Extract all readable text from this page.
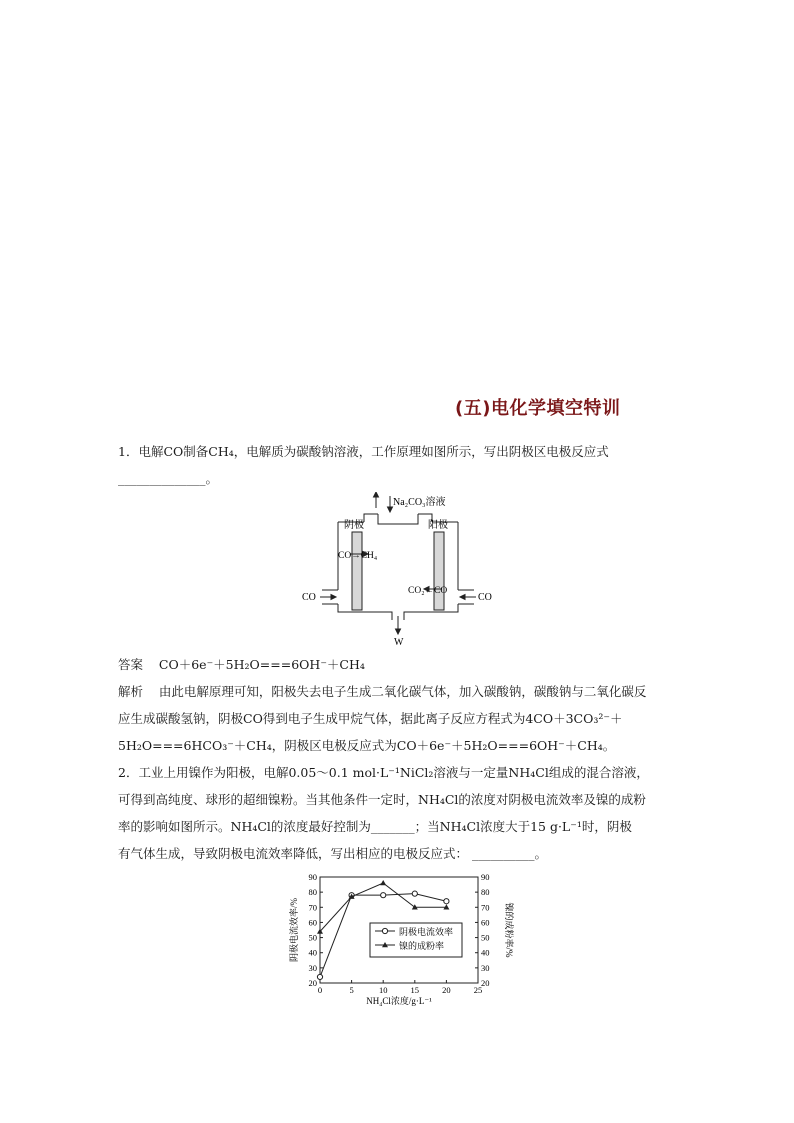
(五)电化学填空特训
1．电解CO制备CH₄，电解质为碳酸钠溶液，工作原理如图所示，写出阴极区电极反应式
______________。
Na₂CO₃溶液
阴极	阳极
CO→CH₄
CO₂←CO
CO	CO
W
答案 CO＋6e⁻＋5H₂O===6OH⁻＋CH₄
解析 由此电解原理可知，阳极失去电子生成二氧化碳气体，加入碳酸钠，碳酸钠与二氧化碳反
应生成碳酸氢钠，阴极CO得到电子生成甲烷气体，据此离子反应方程式为4CO＋3CO₃²⁻＋
5H₂O===6HCO₃⁻＋CH₄，阴极区电极反应式为CO＋6e⁻＋5H₂O===6OH⁻＋CH₄。
2．工业上用镍作为阳极，电解0.05～0.1 mol·L⁻¹NiCl₂溶液与一定量NH₄Cl组成的混合溶液，
可得到高纯度、球形的超细镍粉。当其他条件一定时，NH₄Cl的浓度对阴极电流效率及镍的成粉
率的影响如图所示。NH₄Cl的浓度最好控制为_______；当NH₄Cl浓度大于15 g·L⁻¹时，阴极
有气体生成，导致阴极电流效率降低，写出相应的电极反应式： __________。
0	5	10	15	20	25
20
30
40
50
60
70
80
90
20
30
40
50
60
70
80
90
NH₄Cl浓度/g·L⁻¹
阴极电流效率/%	镍的成粉率/%
阴极电流效率
镍的成粉率
